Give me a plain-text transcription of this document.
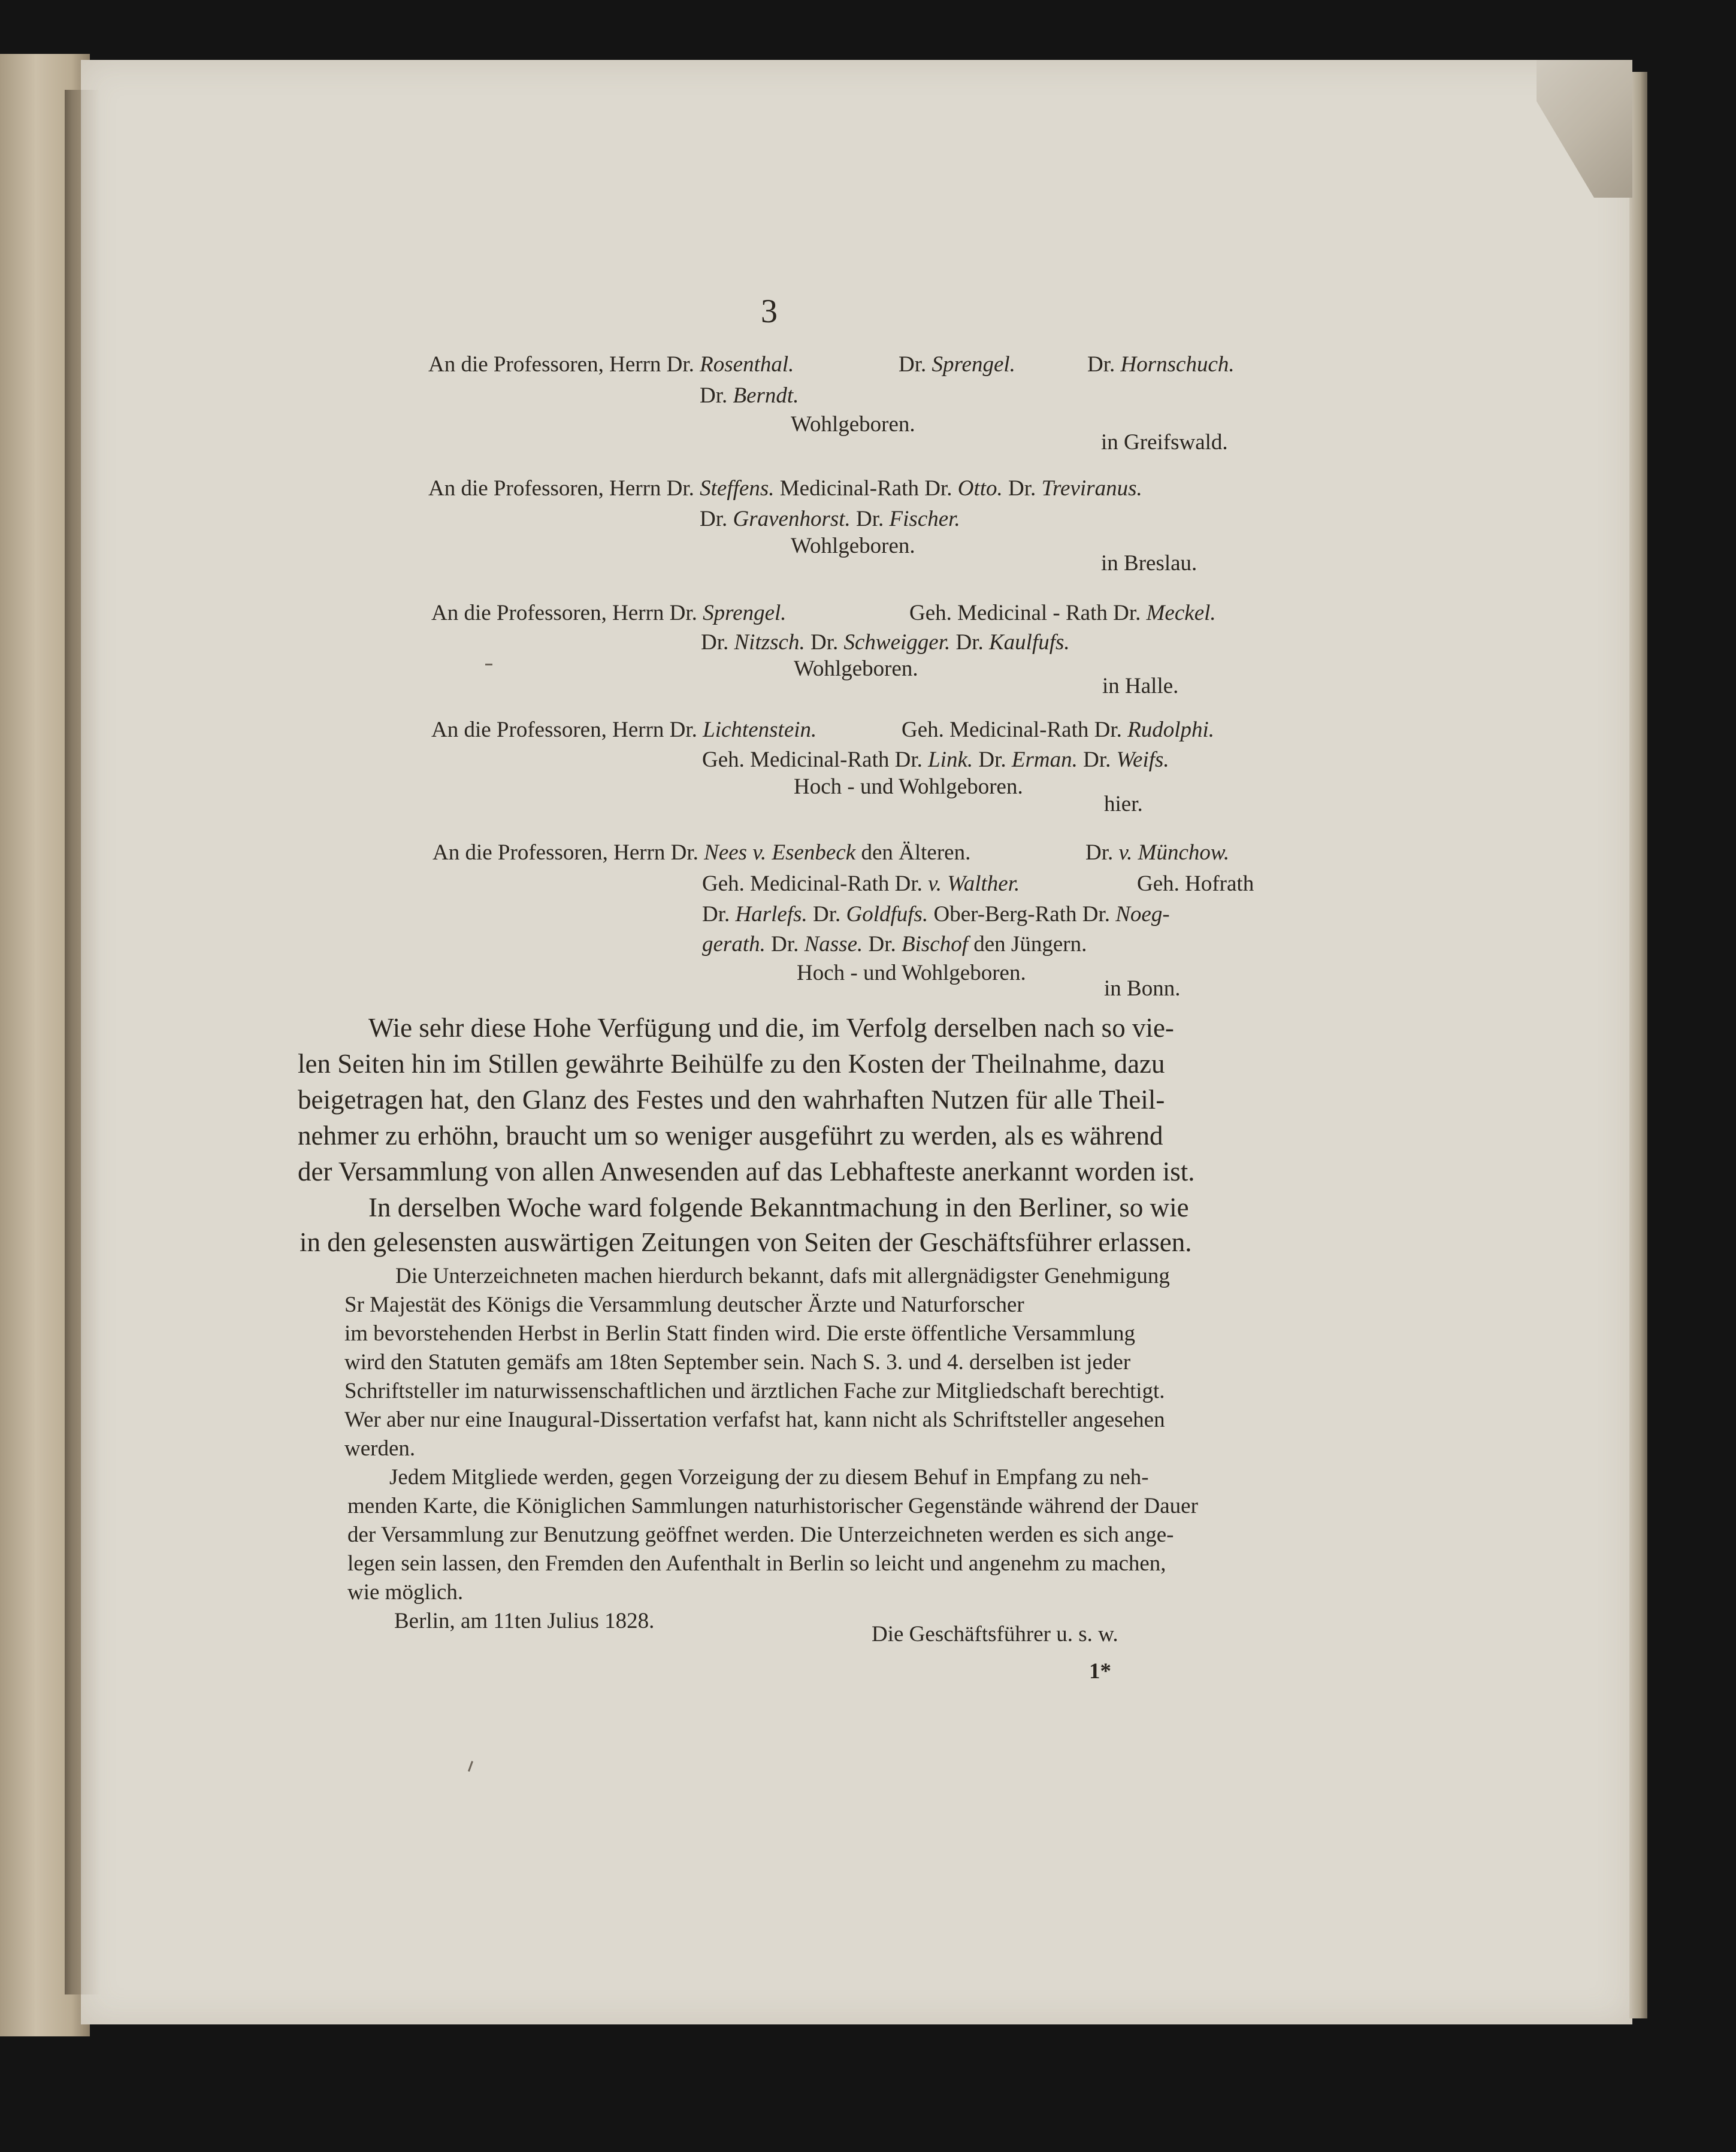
3
An die Professoren, Herrn Dr. Rosenthal.	Dr. Sprengel.	Dr. Hornschuch.
Dr. Berndt.
Wohlgeboren.
in Greifswald.
An die Professoren, Herrn Dr. Steffens. Medicinal-Rath Dr. Otto. Dr. Treviranus.
Dr. Gravenhorst. Dr. Fischer.
Wohlgeboren.
in Breslau.
An die Professoren, Herrn Dr. Sprengel.	Geh. Medicinal - Rath Dr. Meckel.
Dr. Nitzsch. Dr. Schweigger. Dr. Kaulfufs.
Wohlgeboren.
in Halle.
An die Professoren, Herrn Dr. Lichtenstein.	Geh. Medicinal-Rath Dr. Rudolphi.
Geh. Medicinal-Rath Dr. Link. Dr. Erman. Dr. Weifs.
Hoch - und Wohlgeboren.
hier.
An die Professoren, Herrn Dr. Nees v. Esenbeck den Älteren.	Dr. v. Münchow.
Geh. Medicinal-Rath Dr. v. Walther.	Geh. Hofrath
Dr. Harlefs. Dr. Goldfufs. Ober-Berg-Rath Dr. Noeg-
gerath. Dr. Nasse. Dr. Bischof den Jüngern.
Hoch - und Wohlgeboren.
in Bonn.
Wie sehr diese Hohe Verfügung und die, im Verfolg derselben nach so vie-
len Seiten hin im Stillen gewährte Beihülfe zu den Kosten der Theilnahme, dazu
beigetragen hat, den Glanz des Festes und den wahrhaften Nutzen für alle Theil-
nehmer zu erhöhn, braucht um so weniger ausgeführt zu werden, als es während
der Versammlung von allen Anwesenden auf das Lebhafteste anerkannt worden ist.
In derselben Woche ward folgende Bekanntmachung in den Berliner, so wie
in den gelesensten auswärtigen Zeitungen von Seiten der Geschäftsführer erlassen.
Die Unterzeichneten machen hierdurch bekannt, dafs mit allergnädigster Genehmigung
Sr Majestät des Königs die Versammlung deutscher Ärzte und Naturforscher
im bevorstehenden Herbst in Berlin Statt finden wird. Die erste öffentliche Versammlung
wird den Statuten gemäfs am 18ten September sein. Nach S. 3. und 4. derselben ist jeder
Schriftsteller im naturwissenschaftlichen und ärztlichen Fache zur Mitgliedschaft berechtigt.
Wer aber nur eine Inaugural-Dissertation verfafst hat, kann nicht als Schriftsteller angesehen
werden.
Jedem Mitgliede werden, gegen Vorzeigung der zu diesem Behuf in Empfang zu neh-
menden Karte, die Königlichen Sammlungen naturhistorischer Gegenstände während der Dauer
der Versammlung zur Benutzung geöffnet werden. Die Unterzeichneten werden es sich ange-
legen sein lassen, den Fremden den Aufenthalt in Berlin so leicht und angenehm zu machen,
wie möglich.
Berlin, am 11ten Julius 1828.
Die Geschäftsführer u. s. w.
1*
